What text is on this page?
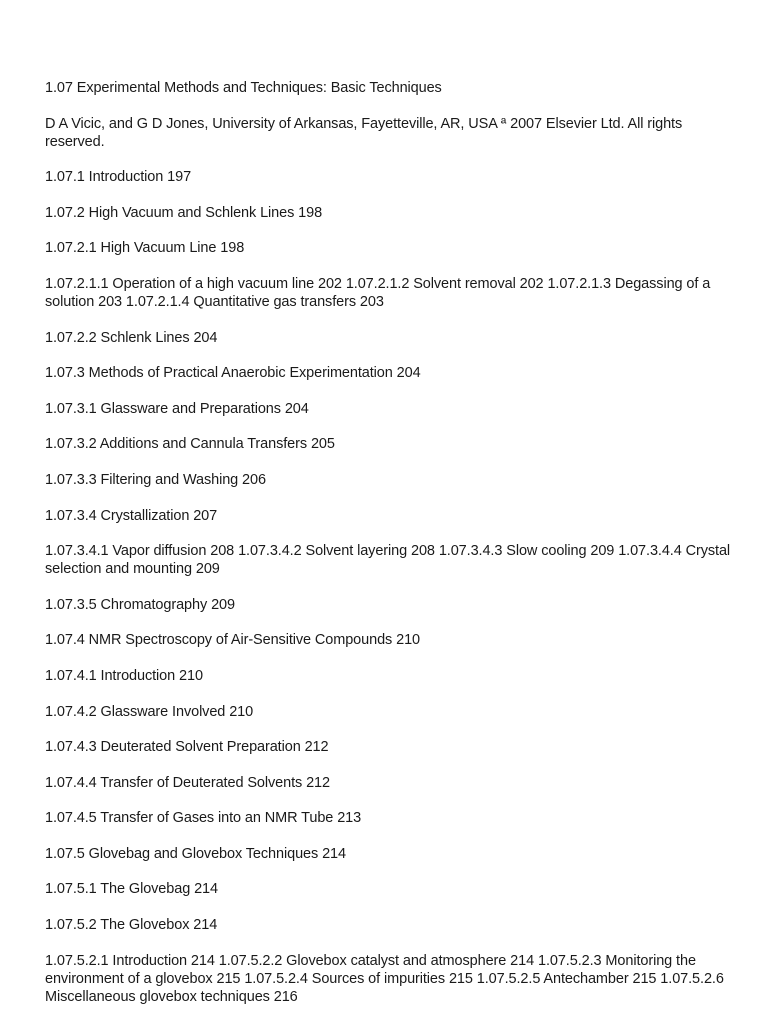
1.07 Experimental Methods and Techniques: Basic Techniques

D A Vicic, and G D Jones, University of Arkansas, Fayetteville, AR, USA ª 2007 Elsevier Ltd. All rights reserved.

1.07.1 Introduction 197

1.07.2 High Vacuum and Schlenk Lines 198

1.07.2.1 High Vacuum Line 198

1.07.2.1.1 Operation of a high vacuum line 202 1.07.2.1.2 Solvent removal 202 1.07.2.1.3 Degassing of a solution 203 1.07.2.1.4 Quantitative gas transfers 203

1.07.2.2 Schlenk Lines 204

1.07.3 Methods of Practical Anaerobic Experimentation 204

1.07.3.1 Glassware and Preparations 204

1.07.3.2 Additions and Cannula Transfers 205

1.07.3.3 Filtering and Washing 206

1.07.3.4 Crystallization 207

1.07.3.4.1 Vapor diffusion 208 1.07.3.4.2 Solvent layering 208 1.07.3.4.3 Slow cooling 209 1.07.3.4.4 Crystal selection and mounting 209

1.07.3.5 Chromatography 209

1.07.4 NMR Spectroscopy of Air-Sensitive Compounds 210

1.07.4.1 Introduction 210

1.07.4.2 Glassware Involved 210

1.07.4.3 Deuterated Solvent Preparation 212

1.07.4.4 Transfer of Deuterated Solvents 212

1.07.4.5 Transfer of Gases into an NMR Tube 213

1.07.5 Glovebag and Glovebox Techniques 214

1.07.5.1 The Glovebag 214

1.07.5.2 The Glovebox 214

1.07.5.2.1 Introduction 214 1.07.5.2.2 Glovebox catalyst and atmosphere 214 1.07.5.2.3 Monitoring the environment of a glovebox 215 1.07.5.2.4 Sources of impurities 215 1.07.5.2.5 Antechamber 215 1.07.5.2.6 Miscellaneous glovebox techniques 216
